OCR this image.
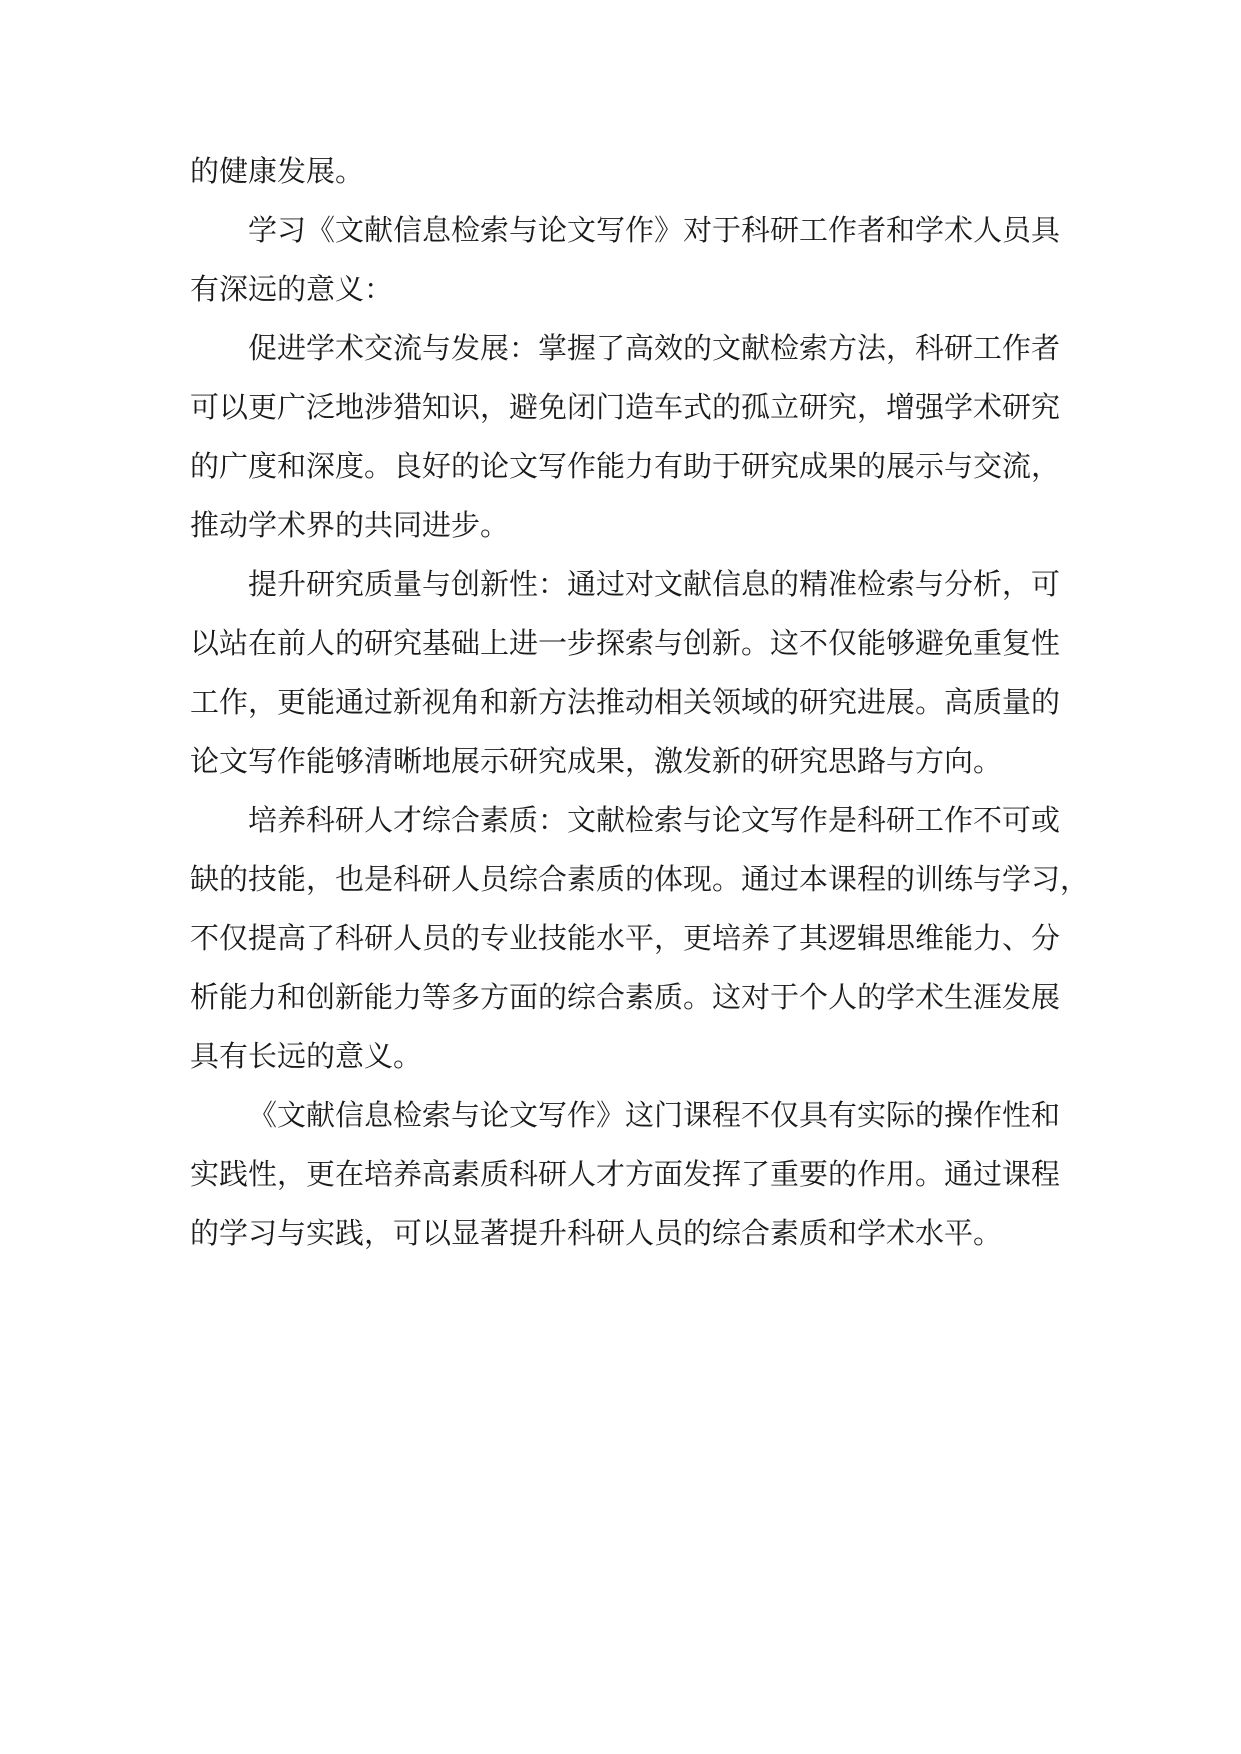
的健康发展。
学习《文献信息检索与论文写作》对于科研工作者和学术人员具
有深远的意义：
促进学术交流与发展：掌握了高效的文献检索方法，科研工作者
可以更广泛地涉猎知识，避免闭门造车式的孤立研究，增强学术研究
的广度和深度。良好的论文写作能力有助于研究成果的展示与交流，
推动学术界的共同进步。
提升研究质量与创新性：通过对文献信息的精准检索与分析，可
以站在前人的研究基础上进一步探索与创新。这不仅能够避免重复性
工作，更能通过新视角和新方法推动相关领域的研究进展。高质量的
论文写作能够清晰地展示研究成果，激发新的研究思路与方向。
培养科研人才综合素质：文献检索与论文写作是科研工作不可或
缺的技能，也是科研人员综合素质的体现。通过本课程的训练与学习，
不仅提高了科研人员的专业技能水平，更培养了其逻辑思维能力、分
析能力和创新能力等多方面的综合素质。这对于个人的学术生涯发展
具有长远的意义。
《文献信息检索与论文写作》这门课程不仅具有实际的操作性和
实践性，更在培养高素质科研人才方面发挥了重要的作用。通过课程
的学习与实践，可以显著提升科研人员的综合素质和学术水平。
